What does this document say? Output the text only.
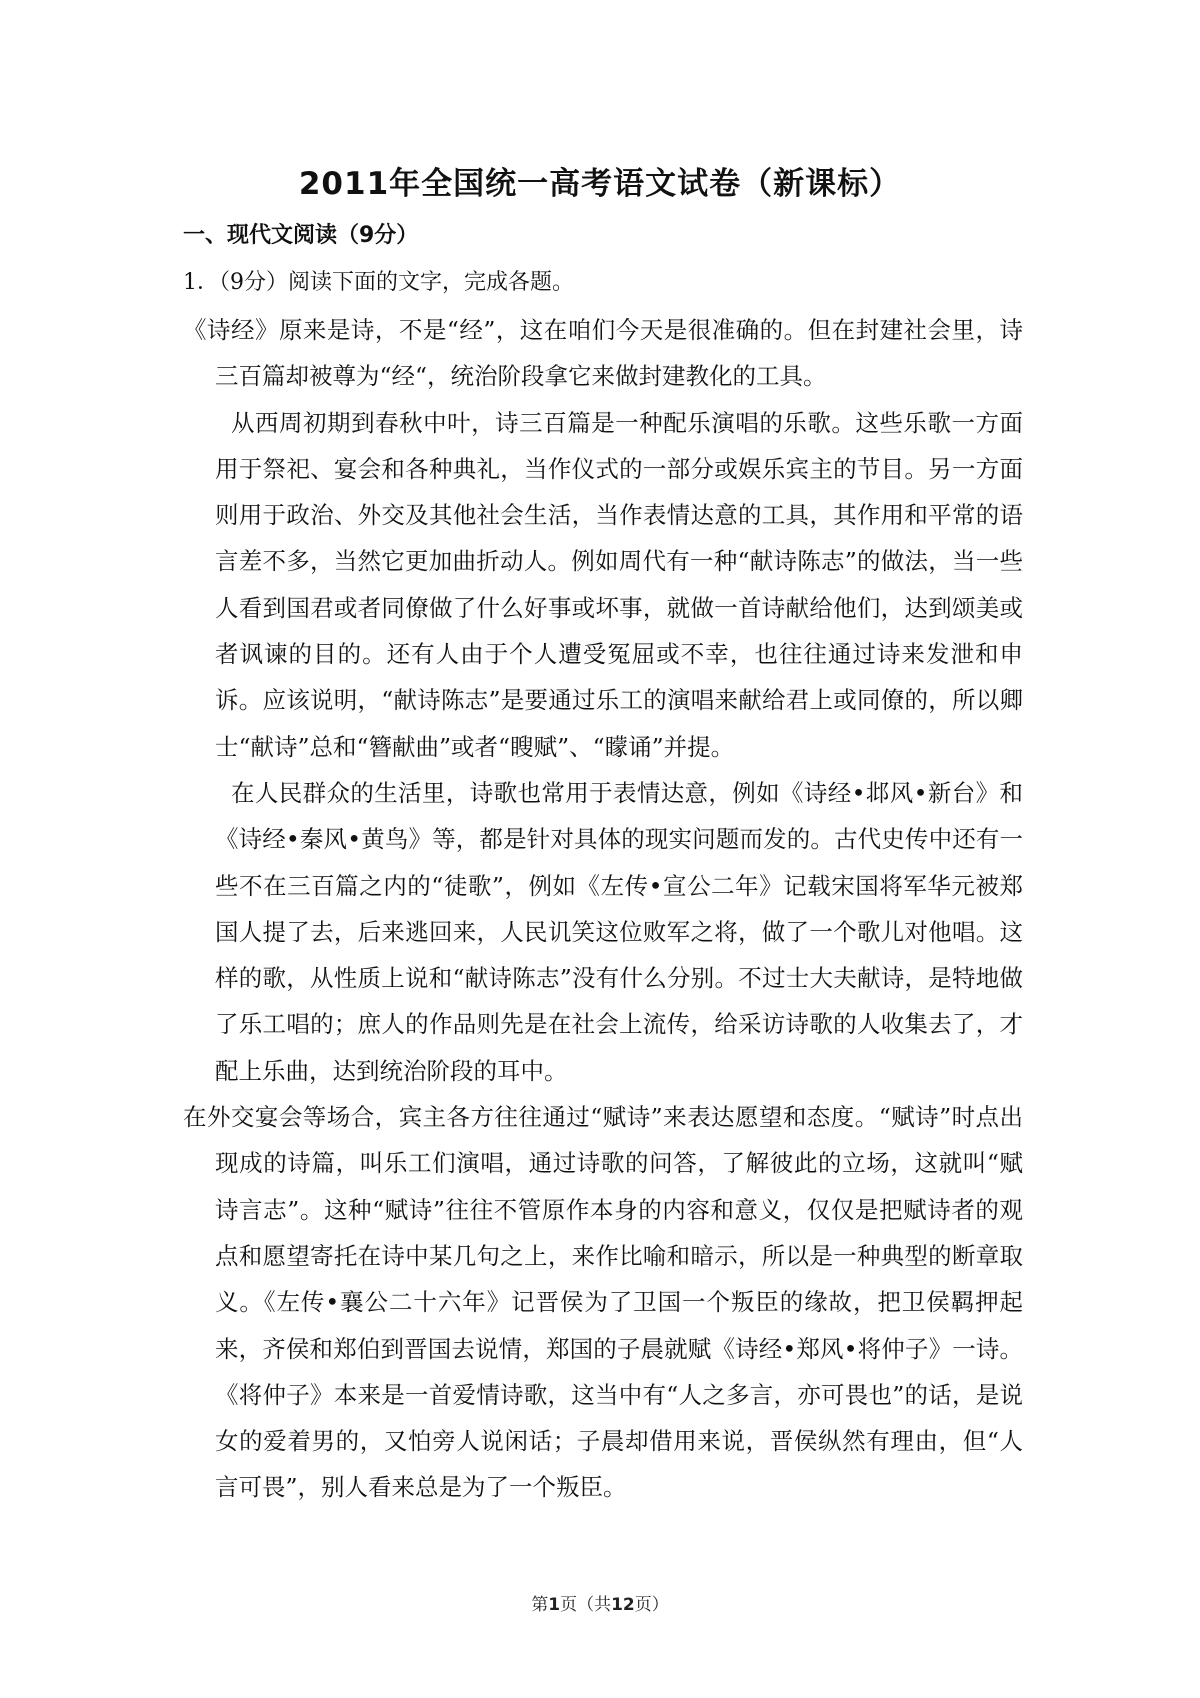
2011年全国统一高考语文试卷（新课标）
一、现代文阅读（9分）

1．（9分）阅读下面的文字，完成各题。

《诗经》原来是诗，不是“经”，这在咱们今天是很准确的。但在封建社会里，诗三百篇却被尊为“经“，统治阶段拿它来做封建教化的工具。

从西周初期到春秋中叶，诗三百篇是一种配乐演唱的乐歌。这些乐歌一方面用于祭祀、宴会和各种典礼，当作仪式的一部分或娱乐宾主的节目。另一方面则用于政治、外交及其他社会生活，当作表情达意的工具，其作用和平常的语言差不多，当然它更加曲折动人。例如周代有一种“献诗陈志”的做法，当一些人看到国君或者同僚做了什么好事或坏事，就做一首诗献给他们，达到颂美或者讽谏的目的。还有人由于个人遭受冤屈或不幸，也往往通过诗来发泄和申诉。应该说明，“献诗陈志”是要通过乐工的演唱来献给君上或同僚的，所以卿士“献诗”总和“簪献曲”或者“瞍赋”、“矇诵”并提。

在人民群众的生活里，诗歌也常用于表情达意，例如《诗经•邶风•新台》和《诗经•秦风•黄鸟》等，都是针对具体的现实问题而发的。古代史传中还有一些不在三百篇之内的“徒歌”，例如《左传•宣公二年》记载宋国将军华元被郑国人提了去，后来逃回来，人民讥笑这位败军之将，做了一个歌儿对他唱。这样的歌，从性质上说和“献诗陈志”没有什么分别。不过士大夫献诗，是特地做了乐工唱的；庶人的作品则先是在社会上流传，给采访诗歌的人收集去了，才配上乐曲，达到统治阶段的耳中。

在外交宴会等场合，宾主各方往往通过“赋诗”来表达愿望和态度。“赋诗”时点出现成的诗篇，叫乐工们演唱，通过诗歌的问答，了解彼此的立场，这就叫“赋诗言志”。这种“赋诗”往往不管原作本身的内容和意义，仅仅是把赋诗者的观点和愿望寄托在诗中某几句之上，来作比喻和暗示，所以是一种典型的断章取义。《左传•襄公二十六年》记晋侯为了卫国一个叛臣的缘故，把卫侯羁押起来，齐侯和郑伯到晋国去说情，郑国的子晨就赋《诗经•郑风•将仲子》一诗。《将仲子》本来是一首爱情诗歌，这当中有“人之多言，亦可畏也”的话，是说女的爱着男的，又怕旁人说闲话；子晨却借用来说，晋侯纵然有理由，但“人言可畏”，别人看来总是为了一个叛臣。

第1页（共12页）
